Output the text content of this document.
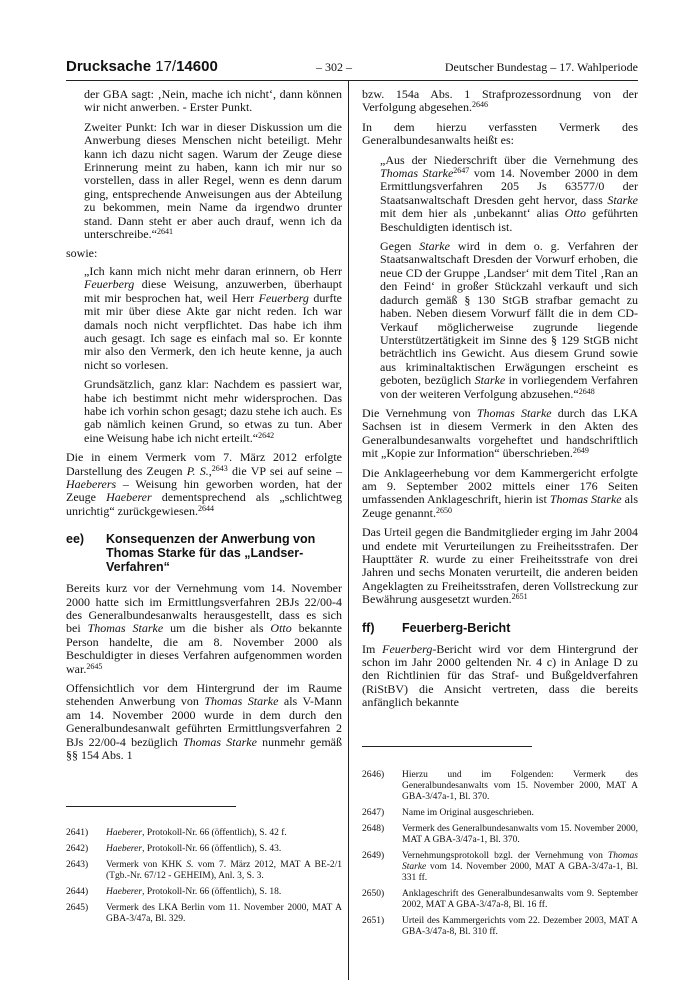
Drucksache 17/14600	– 302 –	Deutscher Bundestag – 17. Wahlperiode

der GBA sagt: ‚Nein, mache ich nicht‘, dann können wir nicht anwerben. - Erster Punkt.

Zweiter Punkt: Ich war in dieser Diskussion um die Anwerbung dieses Menschen nicht beteiligt. Mehr kann ich dazu nicht sagen. Warum der Zeuge diese Erinnerung meint zu haben, kann ich mir nur so vorstellen, dass in aller Regel, wenn es denn darum ging, entsprechende Anweisungen aus der Abteilung zu bekommen, mein Name da irgendwo drunter stand. Dann steht er aber auch drauf, wenn ich da unterschreibe.“$^{2641}$

sowie:

„Ich kann mich nicht mehr daran erinnern, ob Herr Feuerberg diese Weisung, anzuwerben, überhaupt mit mir besprochen hat, weil Herr Feuerberg durfte mit mir über diese Akte gar nicht reden. Ich war damals noch nicht verpflichtet. Das habe ich ihm auch gesagt. Ich sage es einfach mal so. Er konnte mir also den Vermerk, den ich heute kenne, ja auch nicht so vorlesen.

Grundsätzlich, ganz klar: Nachdem es passiert war, habe ich bestimmt nicht mehr widersprochen. Das habe ich vorhin schon gesagt; dazu stehe ich auch. Es gab nämlich keinen Grund, so etwas zu tun. Aber eine Weisung habe ich nicht erteilt.“$^{2642}$

Die in einem Vermerk vom 7. März 2012 erfolgte Darstellung des Zeugen P. S.,$^{2643}$ die VP sei auf seine – Haeberers – Weisung hin geworben worden, hat der Zeuge Haeberer dementsprechend als „schlichtweg unrichtig“ zurückgewiesen.$^{2644}$

ee)	Konsequenzen der Anwerbung von Thomas Starke für das „Landser-Verfahren“

Bereits kurz vor der Vernehmung vom 14. November 2000 hatte sich im Ermittlungsverfahren 2BJs 22/00-4 des Generalbundesanwalts herausgestellt, dass es sich bei Thomas Starke um die bisher als Otto bekannte Person handelte, die am 8. November 2000 als Beschuldigter in dieses Verfahren aufgenommen worden war.$^{2645}$

Offensichtlich vor dem Hintergrund der im Raume stehenden Anwerbung von Thomas Starke als V-Mann am 14. November 2000 wurde in dem durch den Generalbundesanwalt geführten Ermittlungsverfahren 2 BJs 22/00-4 bezüglich Thomas Starke nunmehr gemäß §§ 154 Abs. 1

2641)	Haeberer, Protokoll-Nr. 66 (öffentlich), S. 42 f.
2642)	Haeberer, Protokoll-Nr. 66 (öffentlich), S. 43.
2643)	Vermerk von KHK S. vom 7. März 2012, MAT A BE-2/1 (Tgb.-Nr. 67/12 - GEHEIM), Anl. 3, S. 3.
2644)	Haeberer, Protokoll-Nr. 66 (öffentlich), S. 18.
2645)	Vermerk des LKA Berlin vom 11. November 2000, MAT A GBA-3/47a, Bl. 329.

bzw. 154a Abs. 1 Strafprozessordnung von der Verfolgung abgesehen.$^{2646}$

In dem hierzu verfassten Vermerk des Generalbundesanwalts heißt es:

„Aus der Niederschrift über die Vernehmung des Thomas Starke$^{2647}$ vom 14. November 2000 in dem Ermittlungsverfahren 205 Js 63577/0 der Staatsanwaltschaft Dresden geht hervor, dass Starke mit dem hier als ‚unbekannt‘ alias Otto geführten Beschuldigten identisch ist.

Gegen Starke wird in dem o. g. Verfahren der Staatsanwaltschaft Dresden der Vorwurf erhoben, die neue CD der Gruppe ‚Landser‘ mit dem Titel ‚Ran an den Feind‘ in großer Stückzahl verkauft und sich dadurch gemäß § 130 StGB strafbar gemacht zu haben. Neben diesem Vorwurf fällt die in dem CD-Verkauf möglicherweise zugrunde liegende Unterstützertätigkeit im Sinne des § 129 StGB nicht beträchtlich ins Gewicht. Aus diesem Grund sowie aus kriminaltaktischen Erwägungen erscheint es geboten, bezüglich Starke in vorliegendem Verfahren von der weiteren Verfolgung abzusehen.“$^{2648}$

Die Vernehmung von Thomas Starke durch das LKA Sachsen ist in diesem Vermerk in den Akten des Generalbundesanwalts vorgeheftet und handschriftlich mit „Kopie zur Information“ überschrieben.$^{2649}$

Die Anklageerhebung vor dem Kammergericht erfolgte am 9. September 2002 mittels einer 176 Seiten umfassenden Anklageschrift, hierin ist Thomas Starke als Zeuge genannt.$^{2650}$

Das Urteil gegen die Bandmitglieder erging im Jahr 2004 und endete mit Verurteilungen zu Freiheitsstrafen. Der Haupttäter R. wurde zu einer Freiheitsstrafe von drei Jahren und sechs Monaten verurteilt, die anderen beiden Angeklagten zu Freiheitsstrafen, deren Vollstreckung zur Bewährung ausgesetzt wurden.$^{2651}$

ff)	Feuerberg-Bericht

Im Feuerberg-Bericht wird vor dem Hintergrund der schon im Jahr 2000 geltenden Nr. 4 c) in Anlage D zu den Richtlinien für das Straf- und Bußgeldverfahren (RiStBV) die Ansicht vertreten, dass die bereits anfänglich bekannte

2646)	Hierzu und im Folgenden: Vermerk des Generalbundesanwalts vom 15. November 2000, MAT A GBA-3/47a-1, Bl. 370.
2647)	Name im Original ausgeschrieben.
2648)	Vermerk des Generalbundesanwalts vom 15. November 2000, MAT A GBA-3/47a-1, Bl. 370.
2649)	Vernehmungsprotokoll bzgl. der Vernehmung von Thomas Starke vom 14. November 2000, MAT A GBA-3/47a-1, Bl. 331 ff.
2650)	Anklageschrift des Generalbundesanwalts vom 9. September 2002, MAT A GBA-3/47a-8, Bl. 16 ff.
2651)	Urteil des Kammergerichts vom 22. Dezember 2003, MAT A GBA-3/47a-8, Bl. 310 ff.
